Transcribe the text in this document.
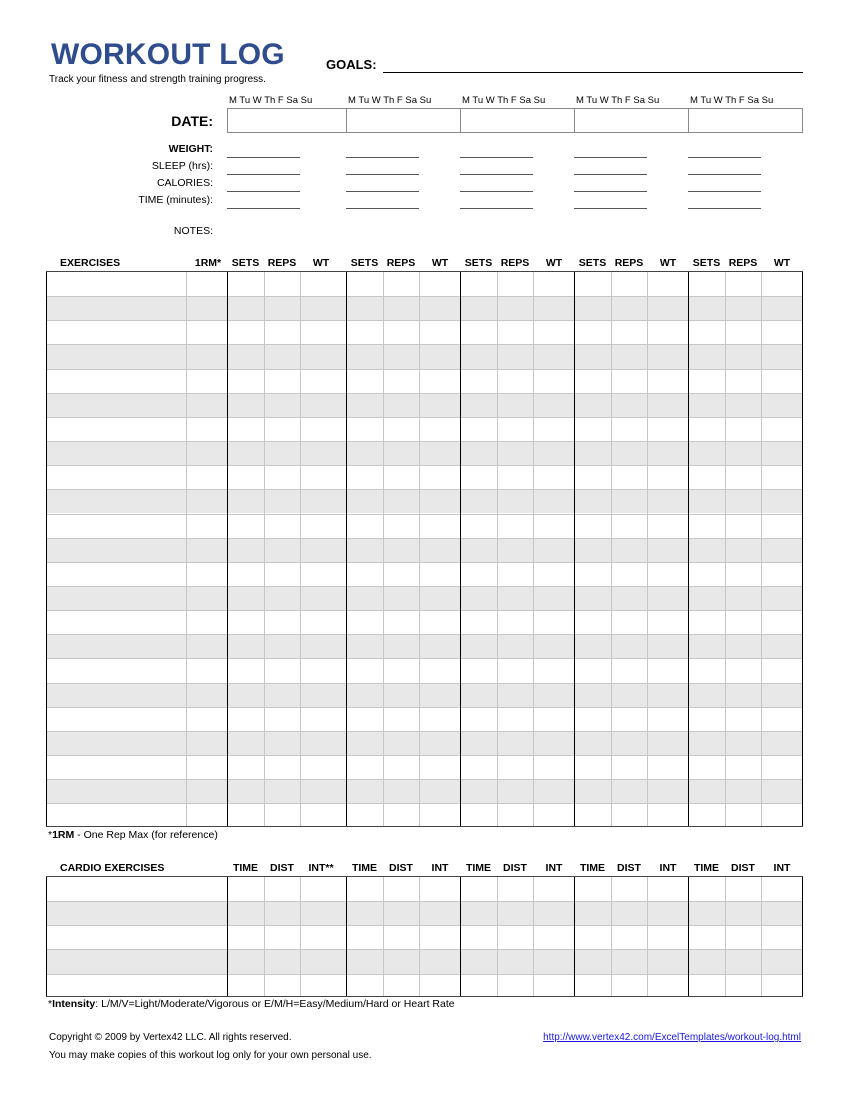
WORKOUT LOG
Track your fitness and strength training progress.
GOALS:
M Tu W Th F Sa Su	M Tu W Th F Sa Su	M Tu W Th F Sa Su	M Tu W Th F Sa Su	M Tu W Th F Sa Su
DATE:
WEIGHT:
SLEEP (hrs):
CALORIES:
TIME (minutes):
NOTES:
EXERCISES	1RM*	SETS REPS	WT	SETS REPS	WT	SETS REPS	WT	SETS REPS	WT	SETS REPS	WT
*1RM - One Rep Max (for reference)
CARDIO EXERCISES	TIME	DIST	INT**	TIME	DIST	INT	TIME	DIST	INT	TIME	DIST	INT	TIME	DIST	INT
*Intensity: L/M/V=Light/Moderate/Vigorous or E/M/H=Easy/Medium/Hard or Heart Rate
Copyright © 2009 by Vertex42 LLC. All rights reserved.
You may make copies of this workout log only for your own personal use.
http://www.vertex42.com/ExcelTemplates/workout-log.html
